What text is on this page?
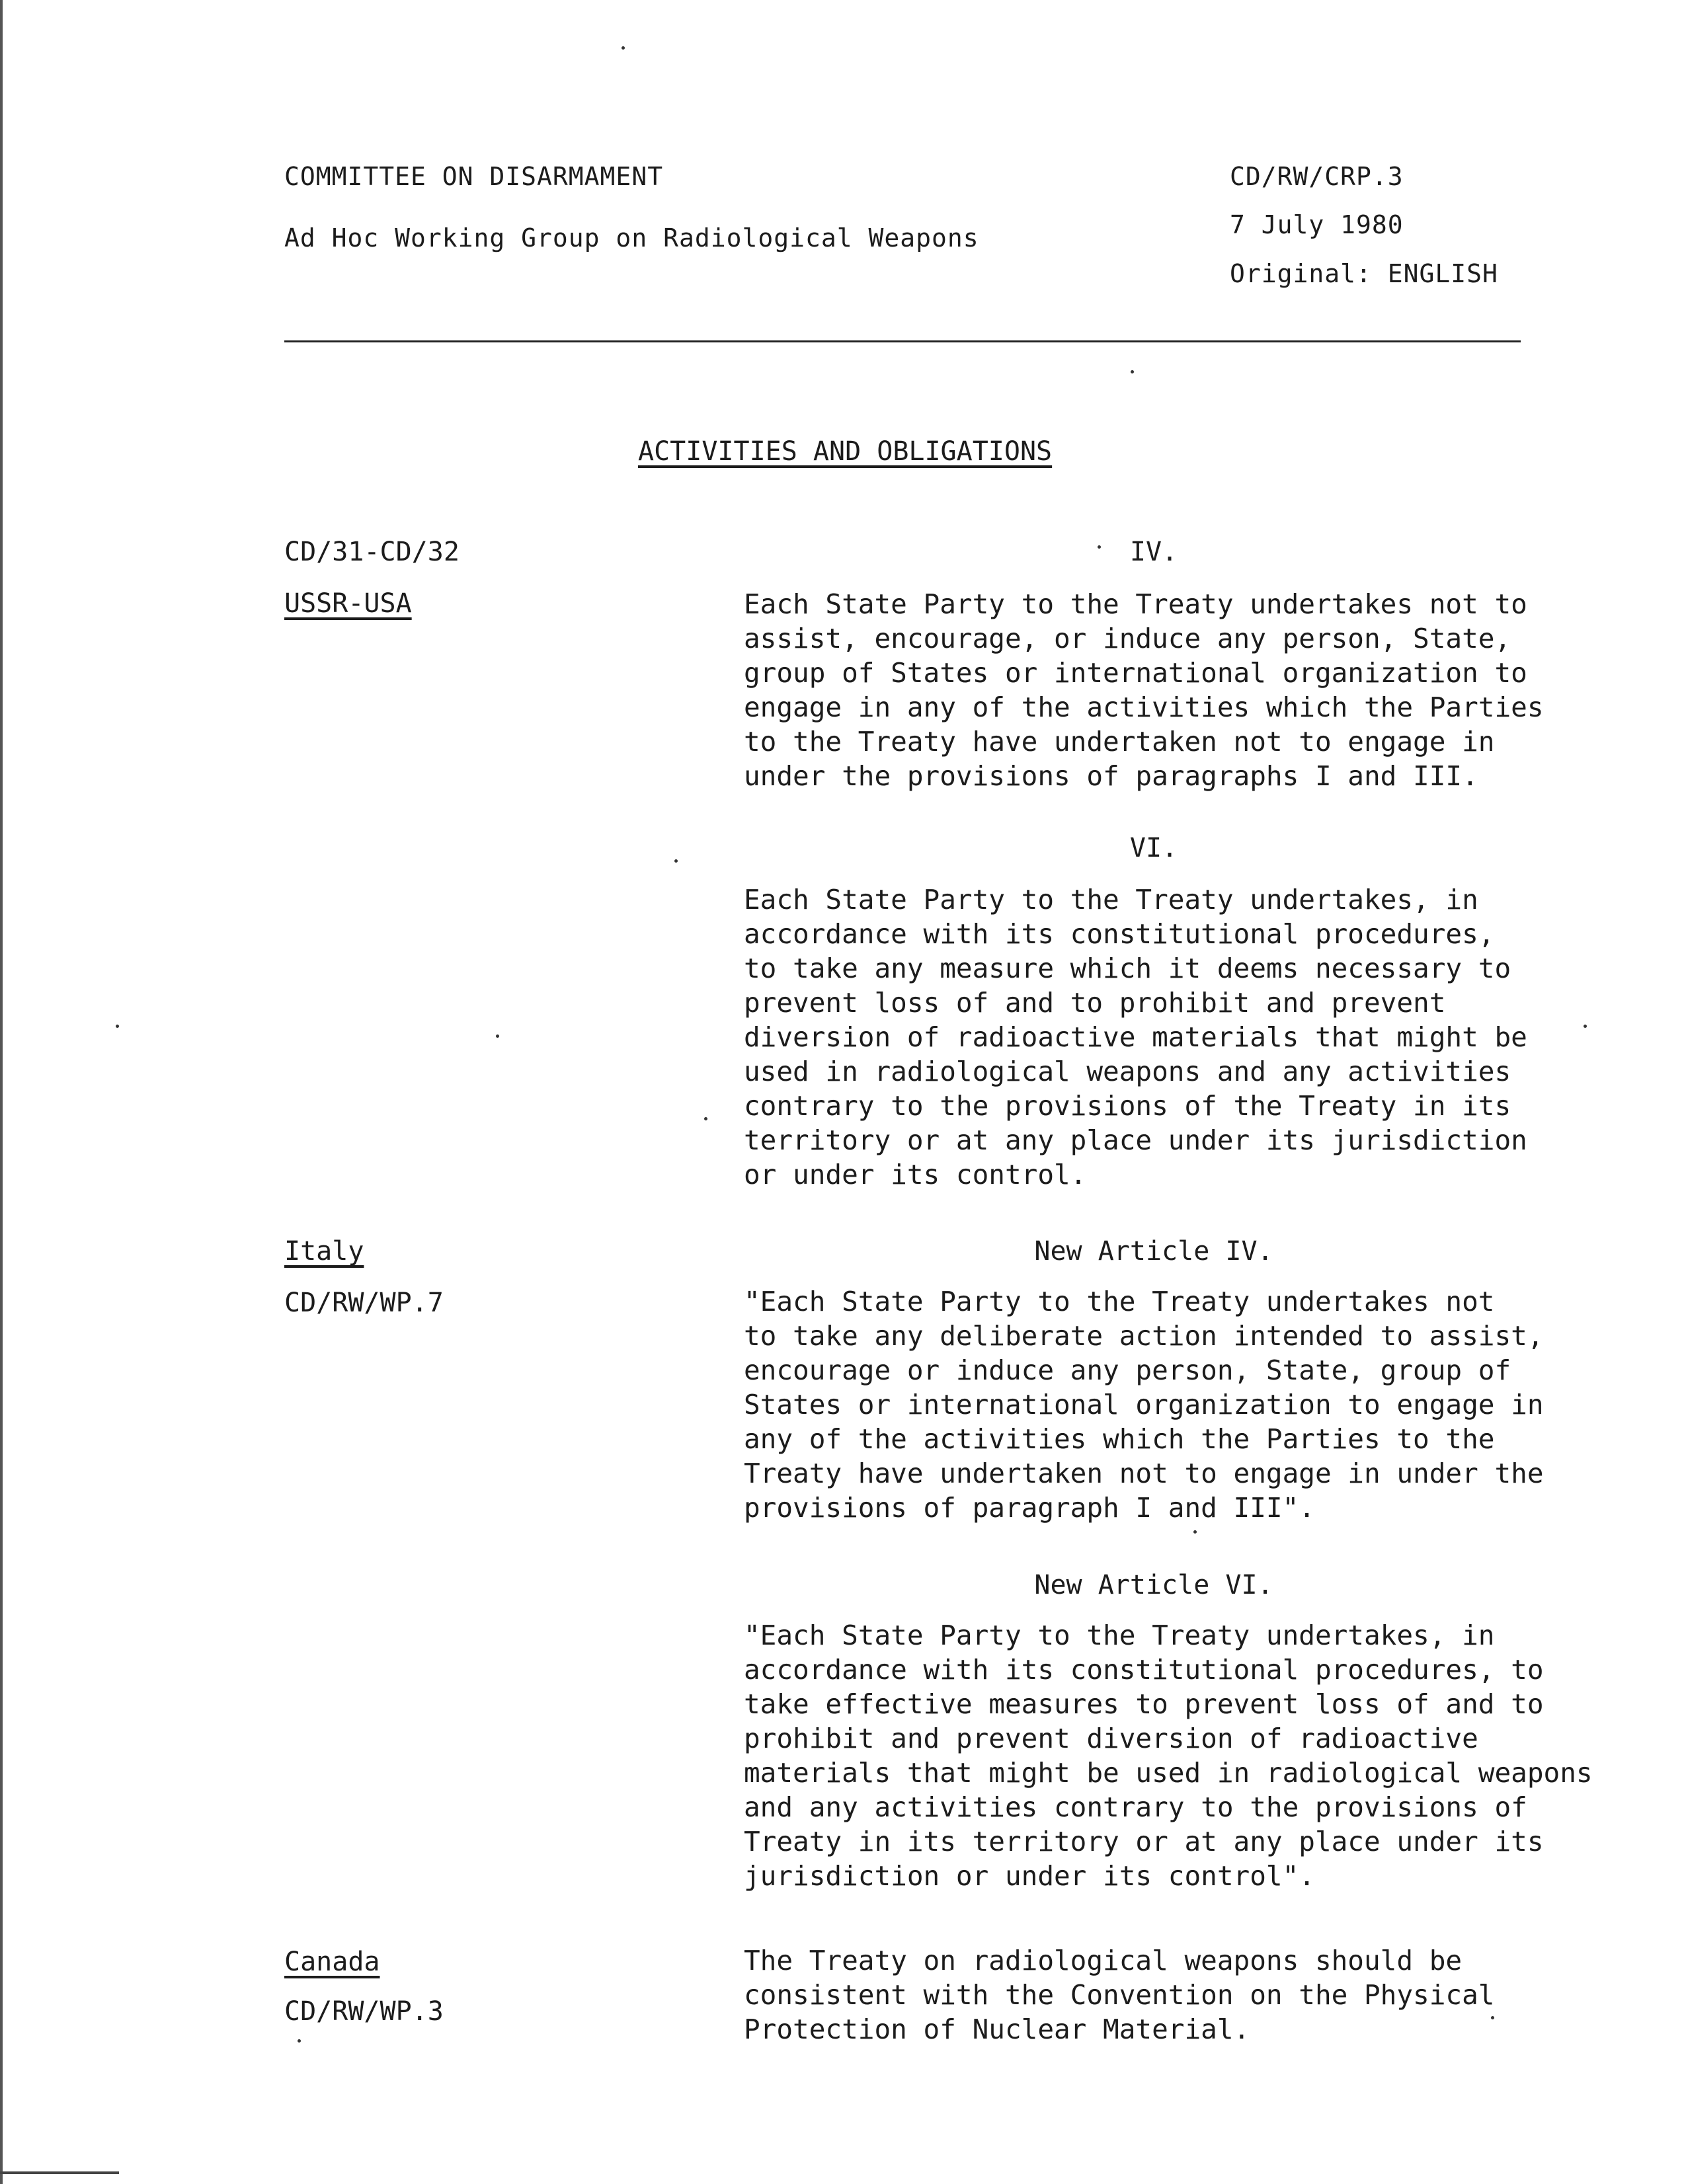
COMMITTEE ON DISARMAMENT
Ad Hoc Working Group on Radiological Weapons
CD/RW/CRP.3
7 July 1980
Original: ENGLISH
ACTIVITIES AND OBLIGATIONS
CD/31-CD/32
USSR-USA
IV.
Each State Party to the Treaty undertakes not to
assist, encourage, or induce any person, State,
group of States or international organization to
engage in any of the activities which the Parties
to the Treaty have undertaken not to engage in
under the provisions of paragraphs I and III.
VI.
Each State Party to the Treaty undertakes, in
accordance with its constitutional procedures,
to take any measure which it deems necessary to
prevent loss of and to prohibit and prevent
diversion of radioactive materials that might be
used in radiological weapons and any activities
contrary to the provisions of the Treaty in its
territory or at any place under its jurisdiction
or under its control.
Italy
CD/RW/WP.7
New Article IV.
"Each State Party to the Treaty undertakes not
to take any deliberate action intended to assist,
encourage or induce any person, State, group of
States or international organization to engage in
any of the activities which the Parties to the
Treaty have undertaken not to engage in under the
provisions of paragraph I and III".
New Article VI.
"Each State Party to the Treaty undertakes, in
accordance with its constitutional procedures, to
take effective measures to prevent loss of and to
prohibit and prevent diversion of radioactive
materials that might be used in radiological weapons
and any activities contrary to the provisions of
Treaty in its territory or at any place under its
jurisdiction or under its control".
Canada
CD/RW/WP.3
The Treaty on radiological weapons should be
consistent with the Convention on the Physical
Protection of Nuclear Material.
